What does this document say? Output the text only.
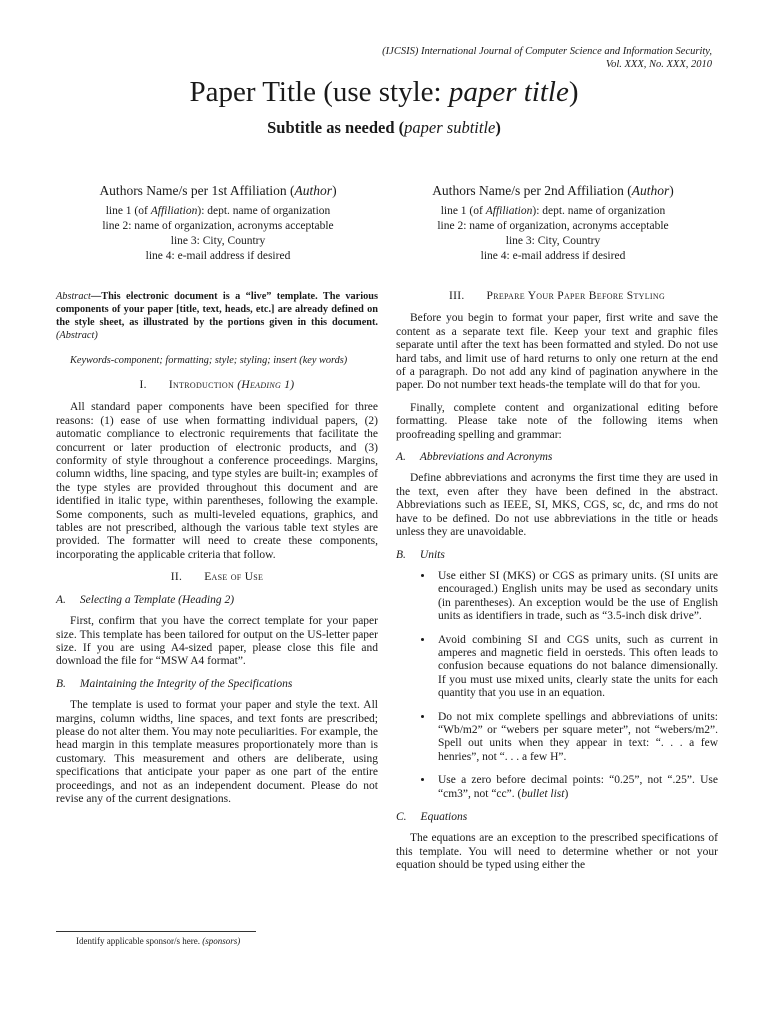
(IJCSIS) International Journal of Computer Science and Information Security,
Vol. XXX, No. XXX, 2010
Paper Title (use style: paper title)
Subtitle as needed (paper subtitle)
Authors Name/s per 1st Affiliation (Author)
line 1 (of Affiliation): dept. name of organization
line 2: name of organization, acronyms acceptable
line 3: City, Country
line 4: e-mail address if desired
Authors Name/s per 2nd Affiliation (Author)
line 1 (of Affiliation): dept. name of organization
line 2: name of organization, acronyms acceptable
line 3: City, Country
line 4: e-mail address if desired

Abstract—This electronic document is a “live” template. The various components of your paper [title, text, heads, etc.] are already defined on the style sheet, as illustrated by the portions given in this document. (Abstract)

Keywords-component; formatting; style; styling; insert (key words)

I. Introduction (Heading 1)

All standard paper components have been specified for three reasons: (1) ease of use when formatting individual papers, (2) automatic compliance to electronic requirements that facilitate the concurrent or later production of electronic products, and (3) conformity of style throughout a conference proceedings. Margins, column widths, line spacing, and type styles are built-in; examples of the type styles are provided throughout this document and are identified in italic type, within parentheses, following the example. Some components, such as multi-leveled equations, graphics, and tables are not prescribed, although the various table text styles are provided. The formatter will need to create these components, incorporating the applicable criteria that follow.

II. Ease of Use
A. Selecting a Template (Heading 2)

First, confirm that you have the correct template for your paper size. This template has been tailored for output on the US-letter paper size. If you are using A4-sized paper, please close this file and download the file for “MSW A4 format”.

B. Maintaining the Integrity of the Specifications

The template is used to format your paper and style the text. All margins, column widths, line spaces, and text fonts are prescribed; please do not alter them. You may note peculiarities. For example, the head margin in this template measures proportionately more than is customary. This measurement and others are deliberate, using specifications that anticipate your paper as one part of the entire proceedings, and not as an independent document. Please do not revise any of the current designations.

III. Prepare Your Paper Before Styling

Before you begin to format your paper, first write and save the content as a separate text file. Keep your text and graphic files separate until after the text has been formatted and styled. Do not use hard tabs, and limit use of hard returns to only one return at the end of a paragraph. Do not add any kind of pagination anywhere in the paper. Do not number text heads-the template will do that for you.

Finally, complete content and organizational editing before formatting. Please take note of the following items when proofreading spelling and grammar:

A. Abbreviations and Acronyms

Define abbreviations and acronyms the first time they are used in the text, even after they have been defined in the abstract. Abbreviations such as IEEE, SI, MKS, CGS, sc, dc, and rms do not have to be defined. Do not use abbreviations in the title or heads unless they are unavoidable.

B. Units
• Use either SI (MKS) or CGS as primary units. (SI units are encouraged.) English units may be used as secondary units (in parentheses). An exception would be the use of English units as identifiers in trade, such as “3.5-inch disk drive”.
• Avoid combining SI and CGS units, such as current in amperes and magnetic field in oersteds. This often leads to confusion because equations do not balance dimensionally. If you must use mixed units, clearly state the units for each quantity that you use in an equation.
• Do not mix complete spellings and abbreviations of units: “Wb/m2” or “webers per square meter”, not “webers/m2”. Spell out units when they appear in text: “. . . a few henries”, not “. . . a few H”.
• Use a zero before decimal points: “0.25”, not “.25”. Use “cm3”, not “cc”. (bullet list)
C. Equations

The equations are an exception to the prescribed specifications of this template. You will need to determine whether or not your equation should be typed using either the

Identify applicable sponsor/s here. (sponsors)
